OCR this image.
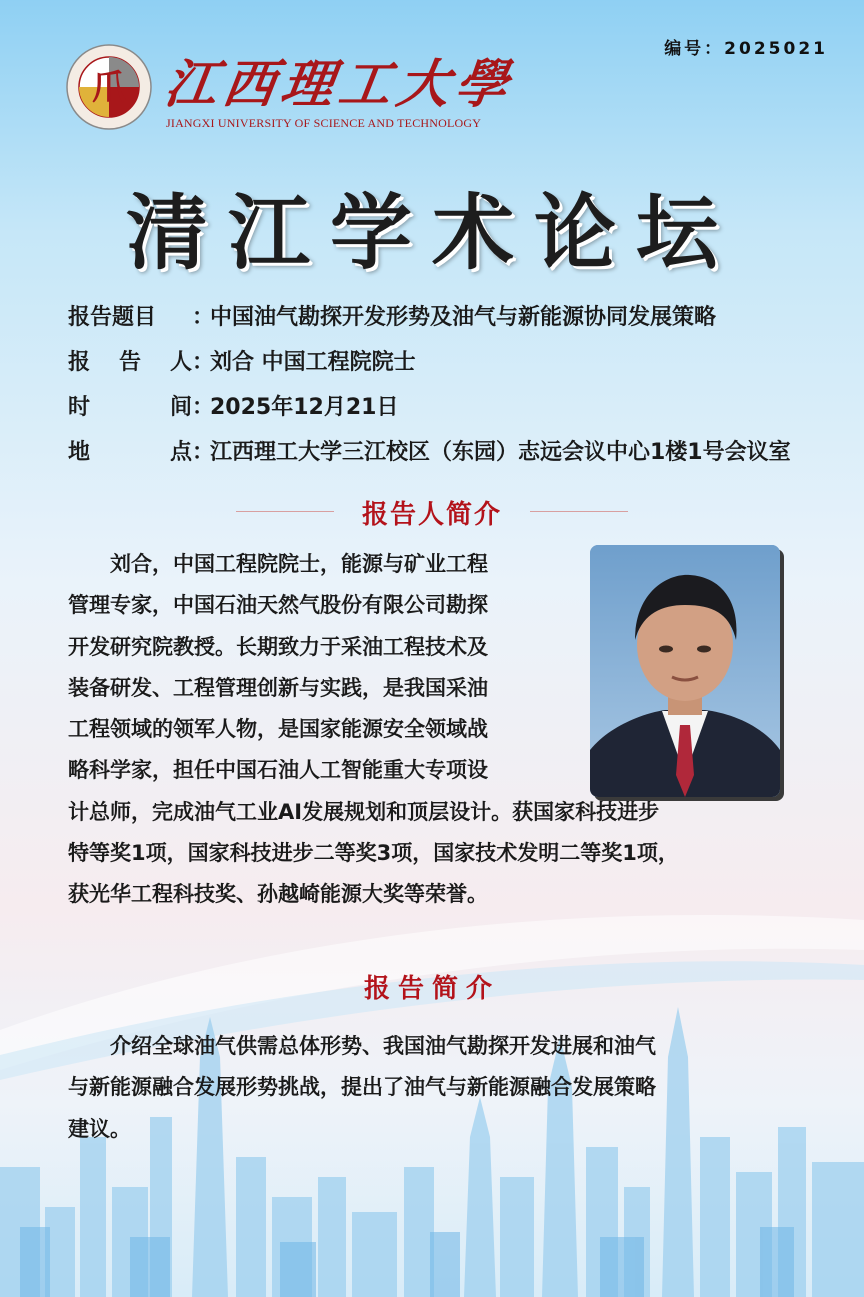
编号：2025021
爪 江西理工大學
JIANGXI UNIVERSITY OF SCIENCE AND TECHNOLOGY
清江学术论坛
报告题目	：
中国油气勘探开发形势及油气与新能源协同发展策略
报 告 人 ：
刘合 中国工程院院士
时	间 ：
2025年12月21日
地	点 ：
江西理工大学三江校区（东园）志远会议中心1楼1号会议室
报告人简介
　　刘合，中国工程院院士，能源与矿业工程
管理专家，中国石油天然气股份有限公司勘探
开发研究院教授。长期致力于采油工程技术及
装备研发、工程管理创新与实践，是我国采油
工程领域的领军人物，是国家能源安全领域战
略科学家，担任中国石油人工智能重大专项设
计总师，完成油气工业AI发展规划和顶层设计。获国家科技进步
特等奖1项，国家科技进步二等奖3项，国家技术发明二等奖1项，
获光华工程科技奖、孙越崎能源大奖等荣誉。
报告简介
　　介绍全球油气供需总体形势、我国油气勘探开发进展和油气
与新能源融合发展形势挑战，提出了油气与新能源融合发展策略
建议。
